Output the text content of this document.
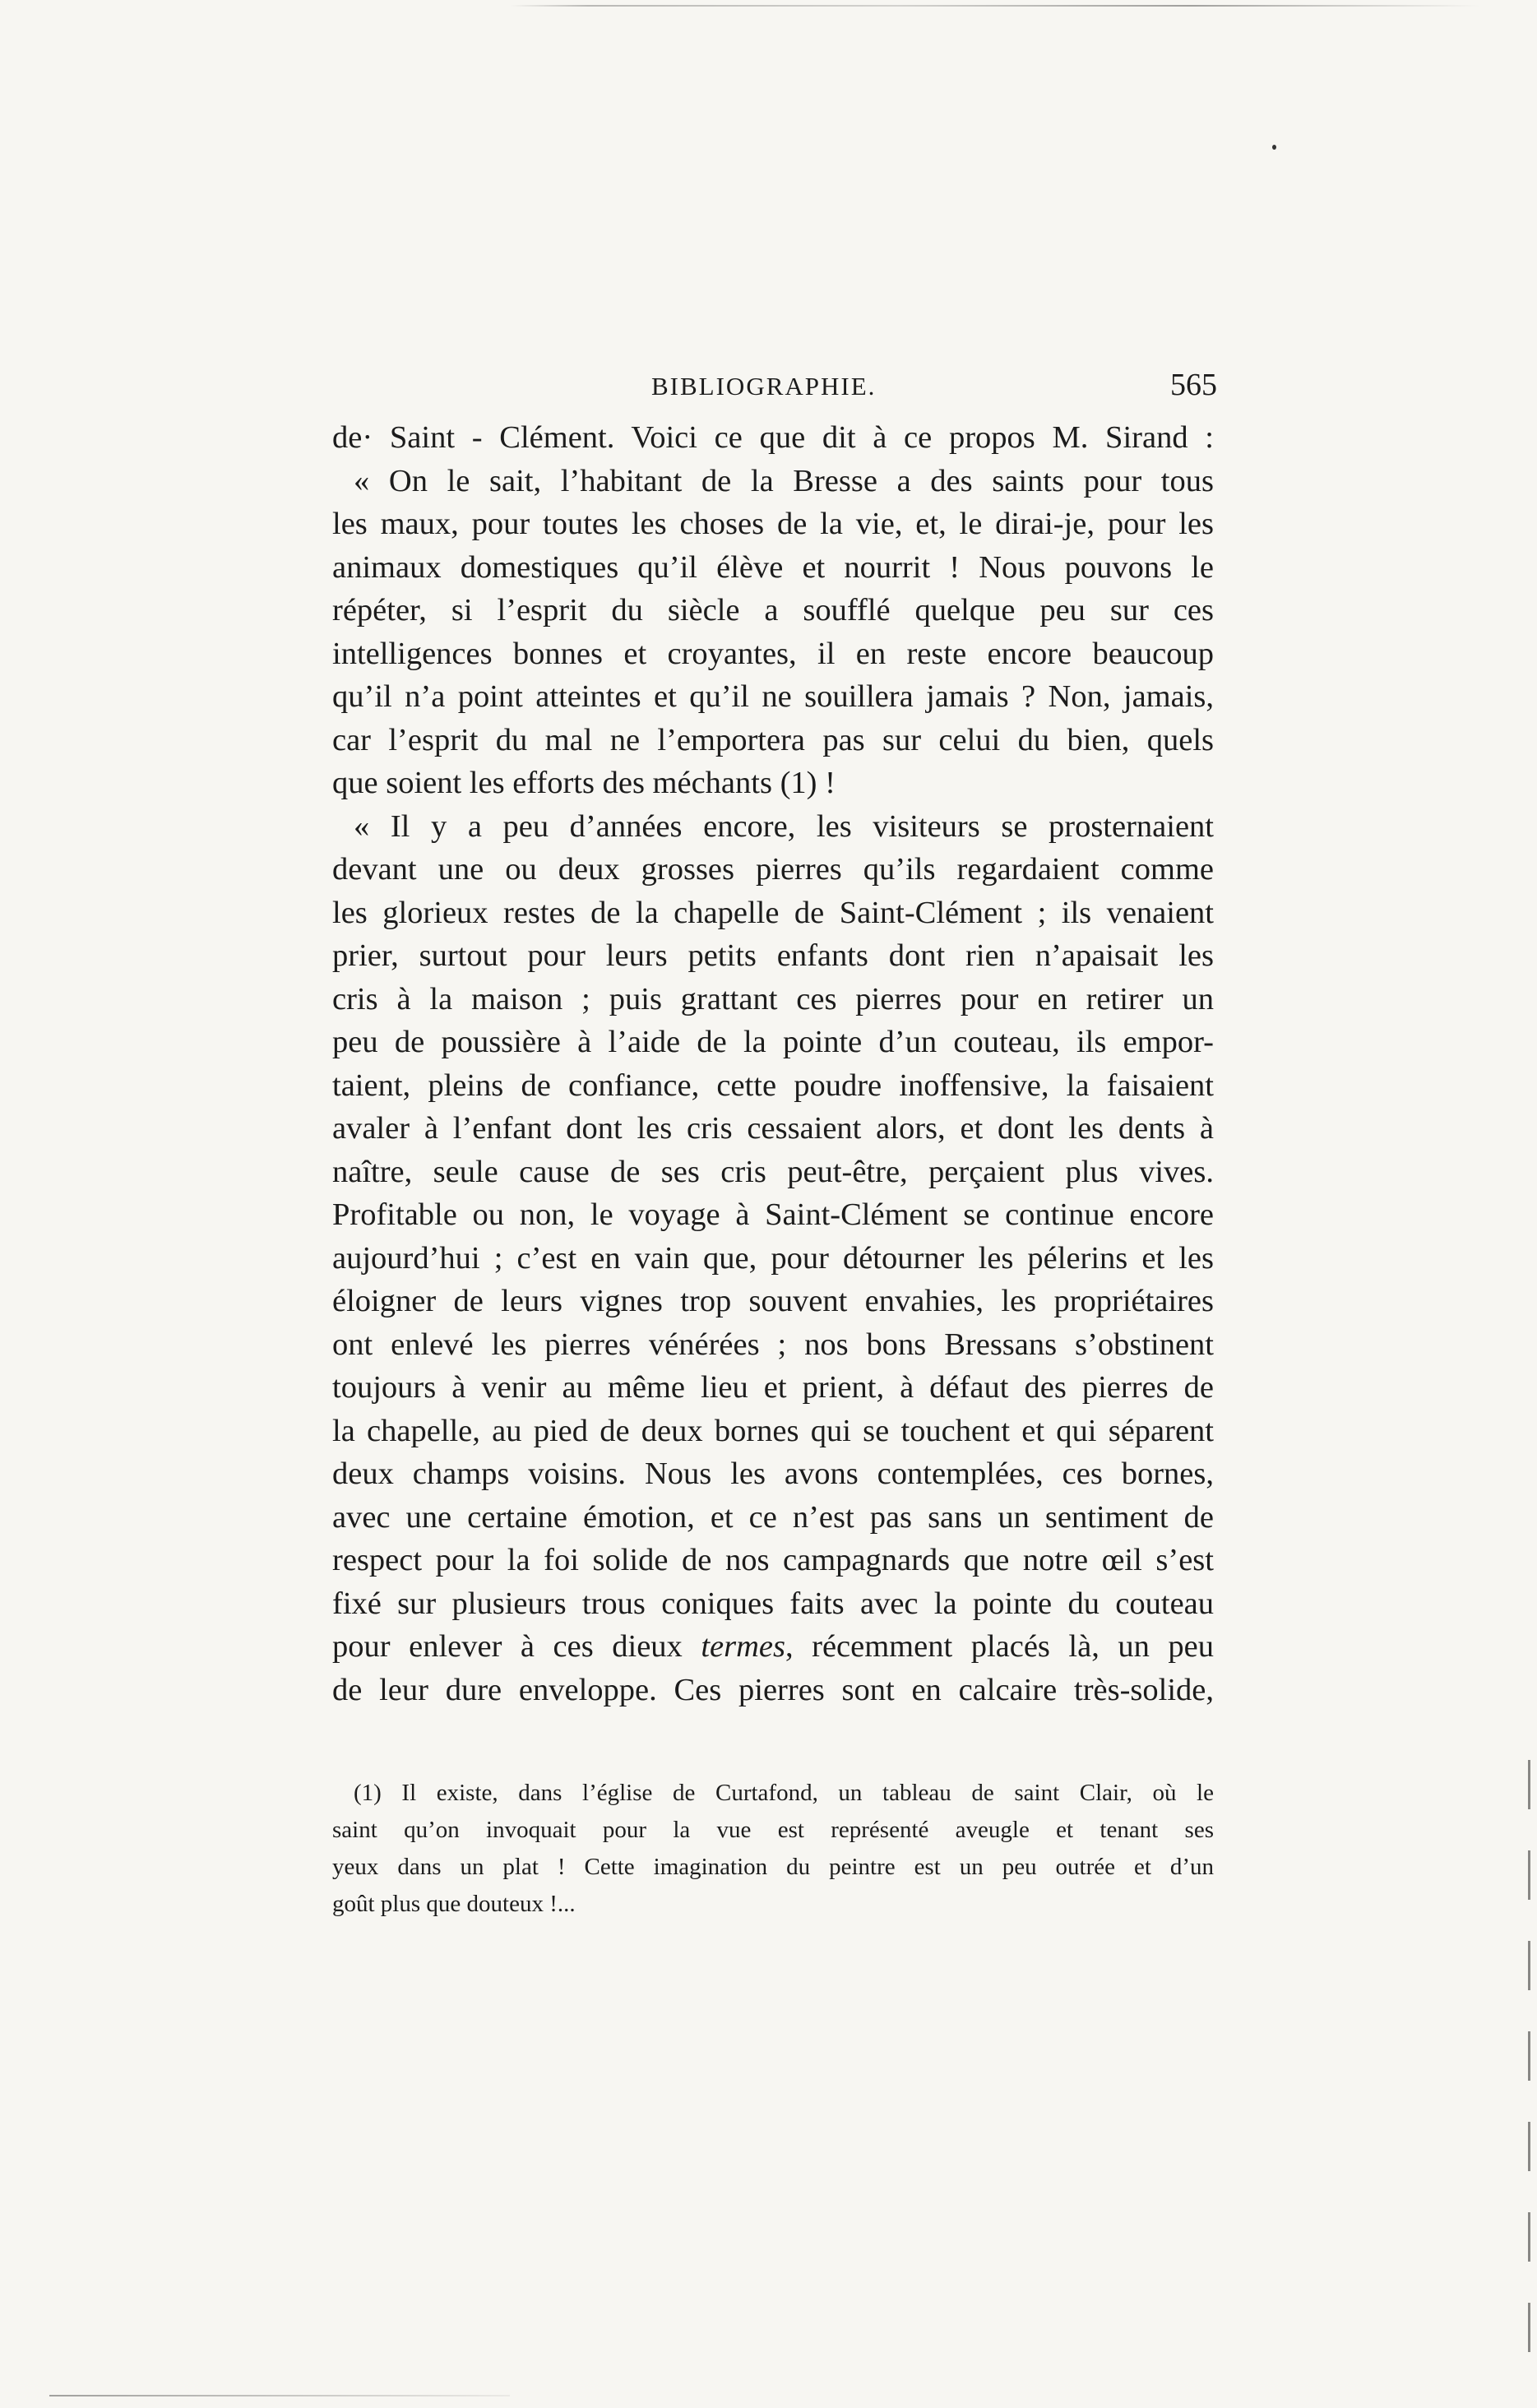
BIBLIOGRAPHIE.	565
de· Saint - Clément. Voici ce que dit à ce propos M. Sirand :
« On le sait, l’habitant de la Bresse a des saints pour tous
les maux, pour toutes les choses de la vie, et, le dirai-je, pour les
animaux domestiques qu’il élève et nourrit ! Nous pouvons le
répéter, si l’esprit du siècle a soufflé quelque peu sur ces
intelligences bonnes et croyantes, il en reste encore beaucoup
qu’il n’a point atteintes et qu’il ne souillera jamais ? Non, jamais,
car l’esprit du mal ne l’emportera pas sur celui du bien, quels
que soient les efforts des méchants (1) !
« Il y a peu d’années encore, les visiteurs se prosternaient
devant une ou deux grosses pierres qu’ils regardaient comme
les glorieux restes de la chapelle de Saint-Clément ; ils venaient
prier, surtout pour leurs petits enfants dont rien n’apaisait les
cris à la maison ; puis grattant ces pierres pour en retirer un
peu de poussière à l’aide de la pointe d’un couteau, ils empor-
taient, pleins de confiance, cette poudre inoffensive, la faisaient
avaler à l’enfant dont les cris cessaient alors, et dont les dents à
naître, seule cause de ses cris peut-être, perçaient plus vives.
Profitable ou non, le voyage à Saint-Clément se continue encore
aujourd’hui ; c’est en vain que, pour détourner les pélerins et les
éloigner de leurs vignes trop souvent envahies, les propriétaires
ont enlevé les pierres vénérées ; nos bons Bressans s’obstinent
toujours à venir au même lieu et prient, à défaut des pierres de
la chapelle, au pied de deux bornes qui se touchent et qui séparent
deux champs voisins. Nous les avons contemplées, ces bornes,
avec une certaine émotion, et ce n’est pas sans un sentiment de
respect pour la foi solide de nos campagnards que notre œil s’est
fixé sur plusieurs trous coniques faits avec la pointe du couteau
pour enlever à ces dieux termes, récemment placés là, un peu
de leur dure enveloppe. Ces pierres sont en calcaire très-solide,
(1) Il existe, dans l’église de Curtafond, un tableau de saint Clair, où le
saint qu’on invoquait pour la vue est représenté aveugle et tenant ses
yeux dans un plat ! Cette imagination du peintre est un peu outrée et d’un
goût plus que douteux !...
